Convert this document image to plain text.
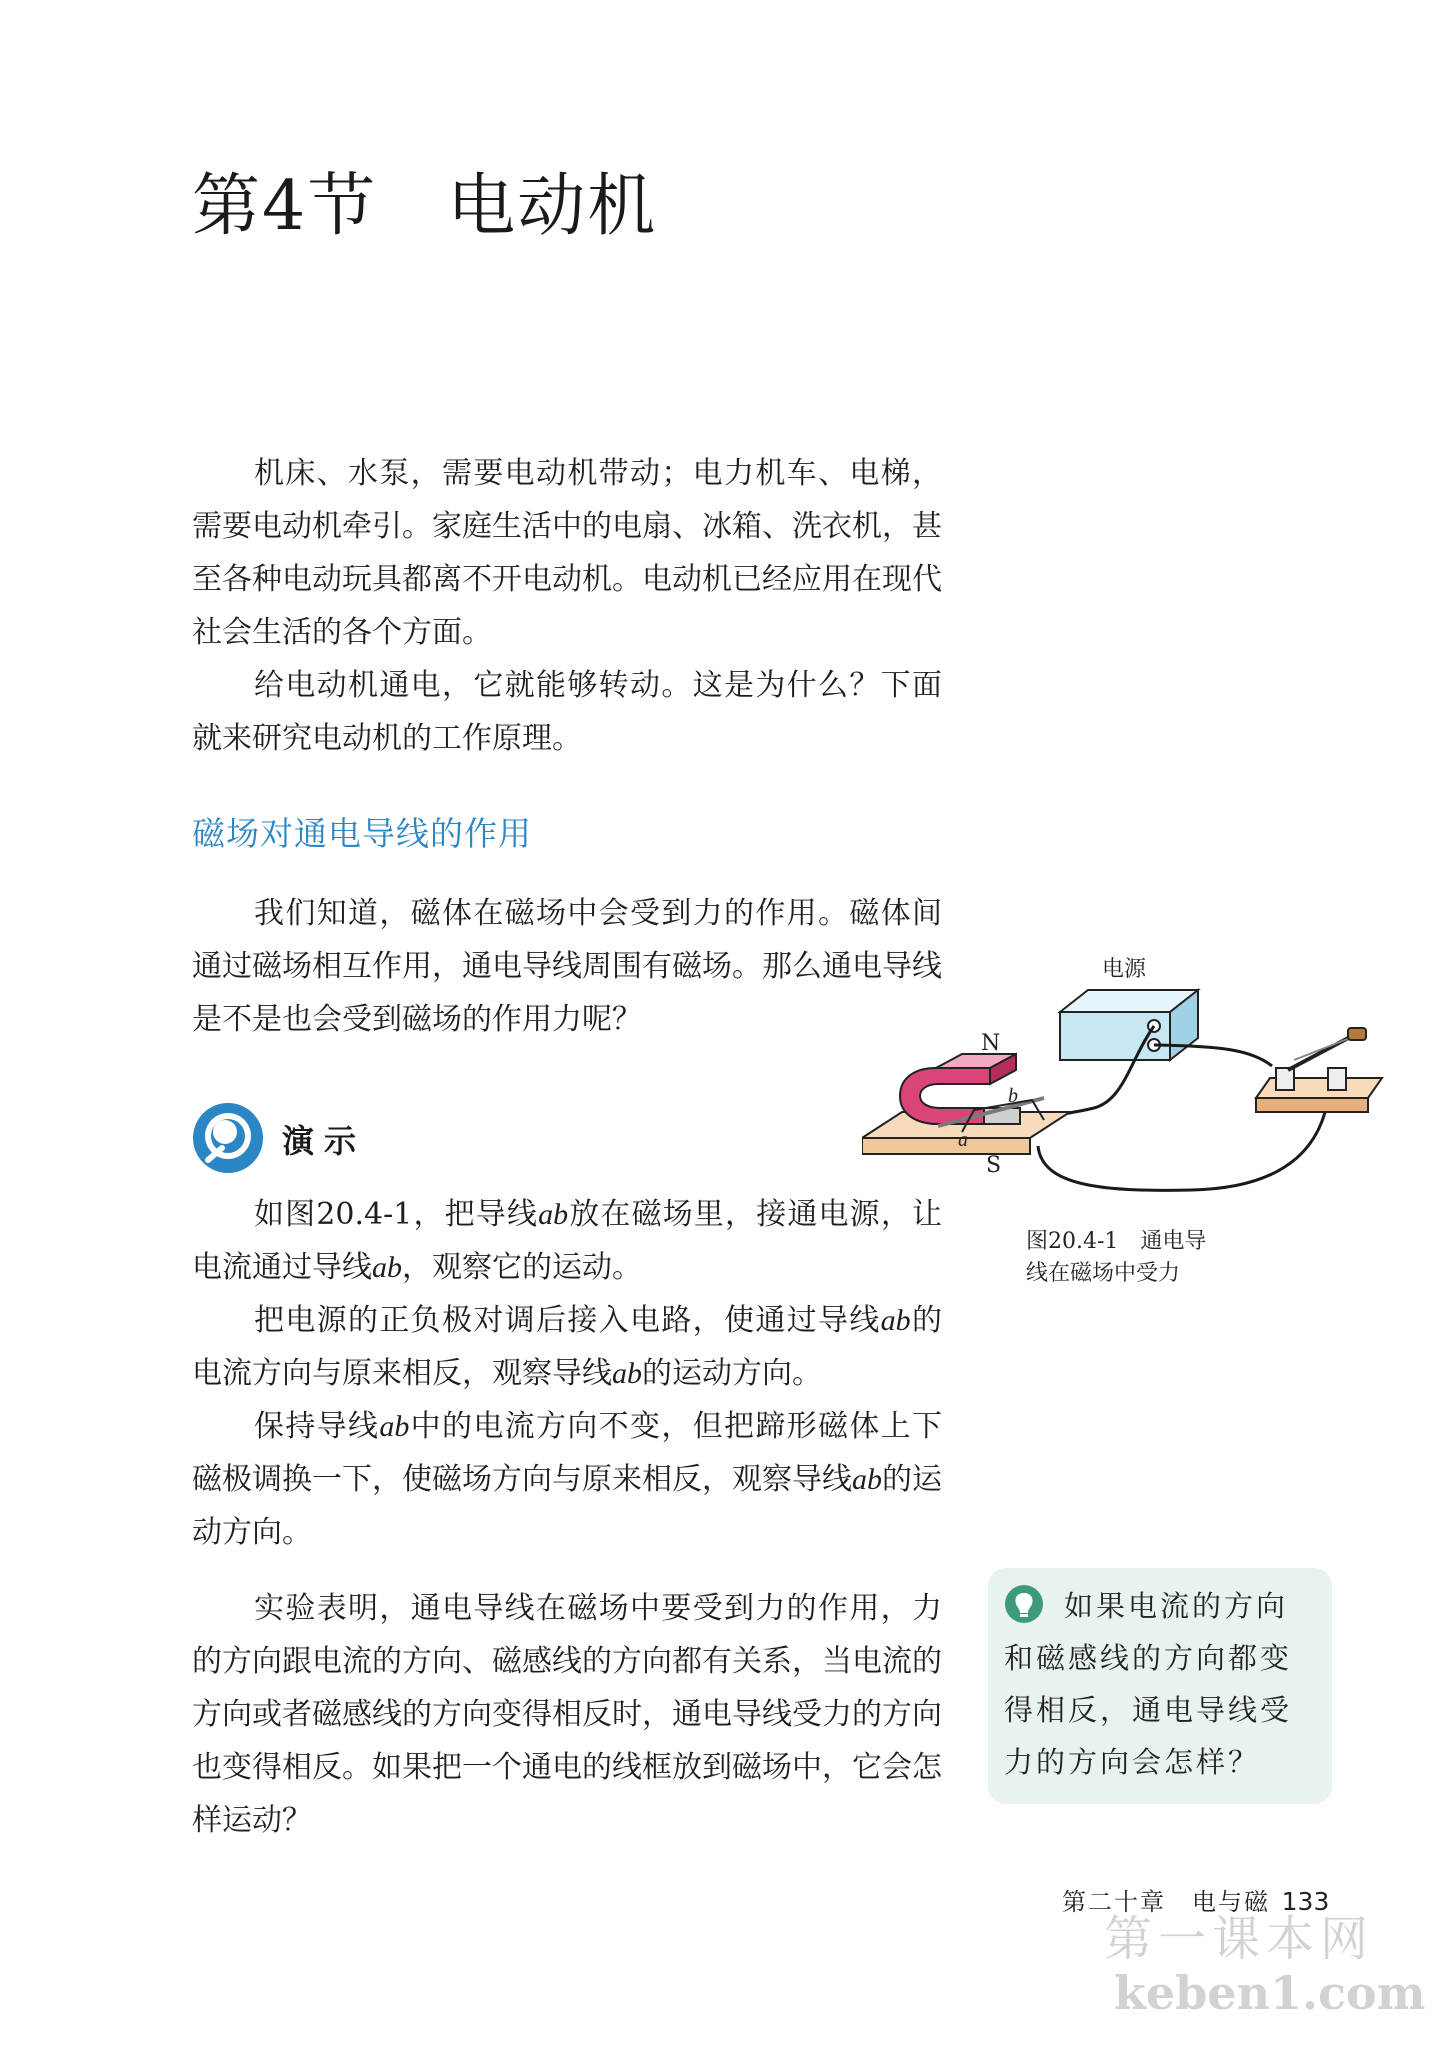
第4节　电动机

机床、水泵，需要电动机带动；电力机车、电梯，需要电动机牵引。家庭生活中的电扇、冰箱、洗衣机，甚至各种电动玩具都离不开电动机。电动机已经应用在现代社会生活的各个方面。

给电动机通电，它就能够转动。这是为什么？下面就来研究电动机的工作原理。

磁场对通电导线的作用

我们知道，磁体在磁场中会受到力的作用。磁体间通过磁场相互作用，通电导线周围有磁场。那么通电导线是不是也会受到磁场的作用力呢？

演示

如图20.4-1，把导线ab放在磁场里，接通电源，让电流通过导线ab，观察它的运动。

把电源的正负极对调后接入电路，使通过导线ab的电流方向与原来相反，观察导线ab的运动方向。

保持导线ab中的电流方向不变，但把蹄形磁体上下磁极调换一下，使磁场方向与原来相反，观察导线ab的运动方向。

实验表明，通电导线在磁场中要受到力的作用，力的方向跟电流的方向、磁感线的方向都有关系，当电流的方向或者磁感线的方向变得相反时，通电导线受力的方向也变得相反。如果把一个通电的线框放到磁场中，它会怎样运动？

电源
N
S
a
b
图20.4-1　通电导
线在磁场中受力

如果电流的方向和磁感线的方向都变得相反，通电导线受力的方向会怎样？

第二十章　电与磁 133
第一课本网
keben1.com
